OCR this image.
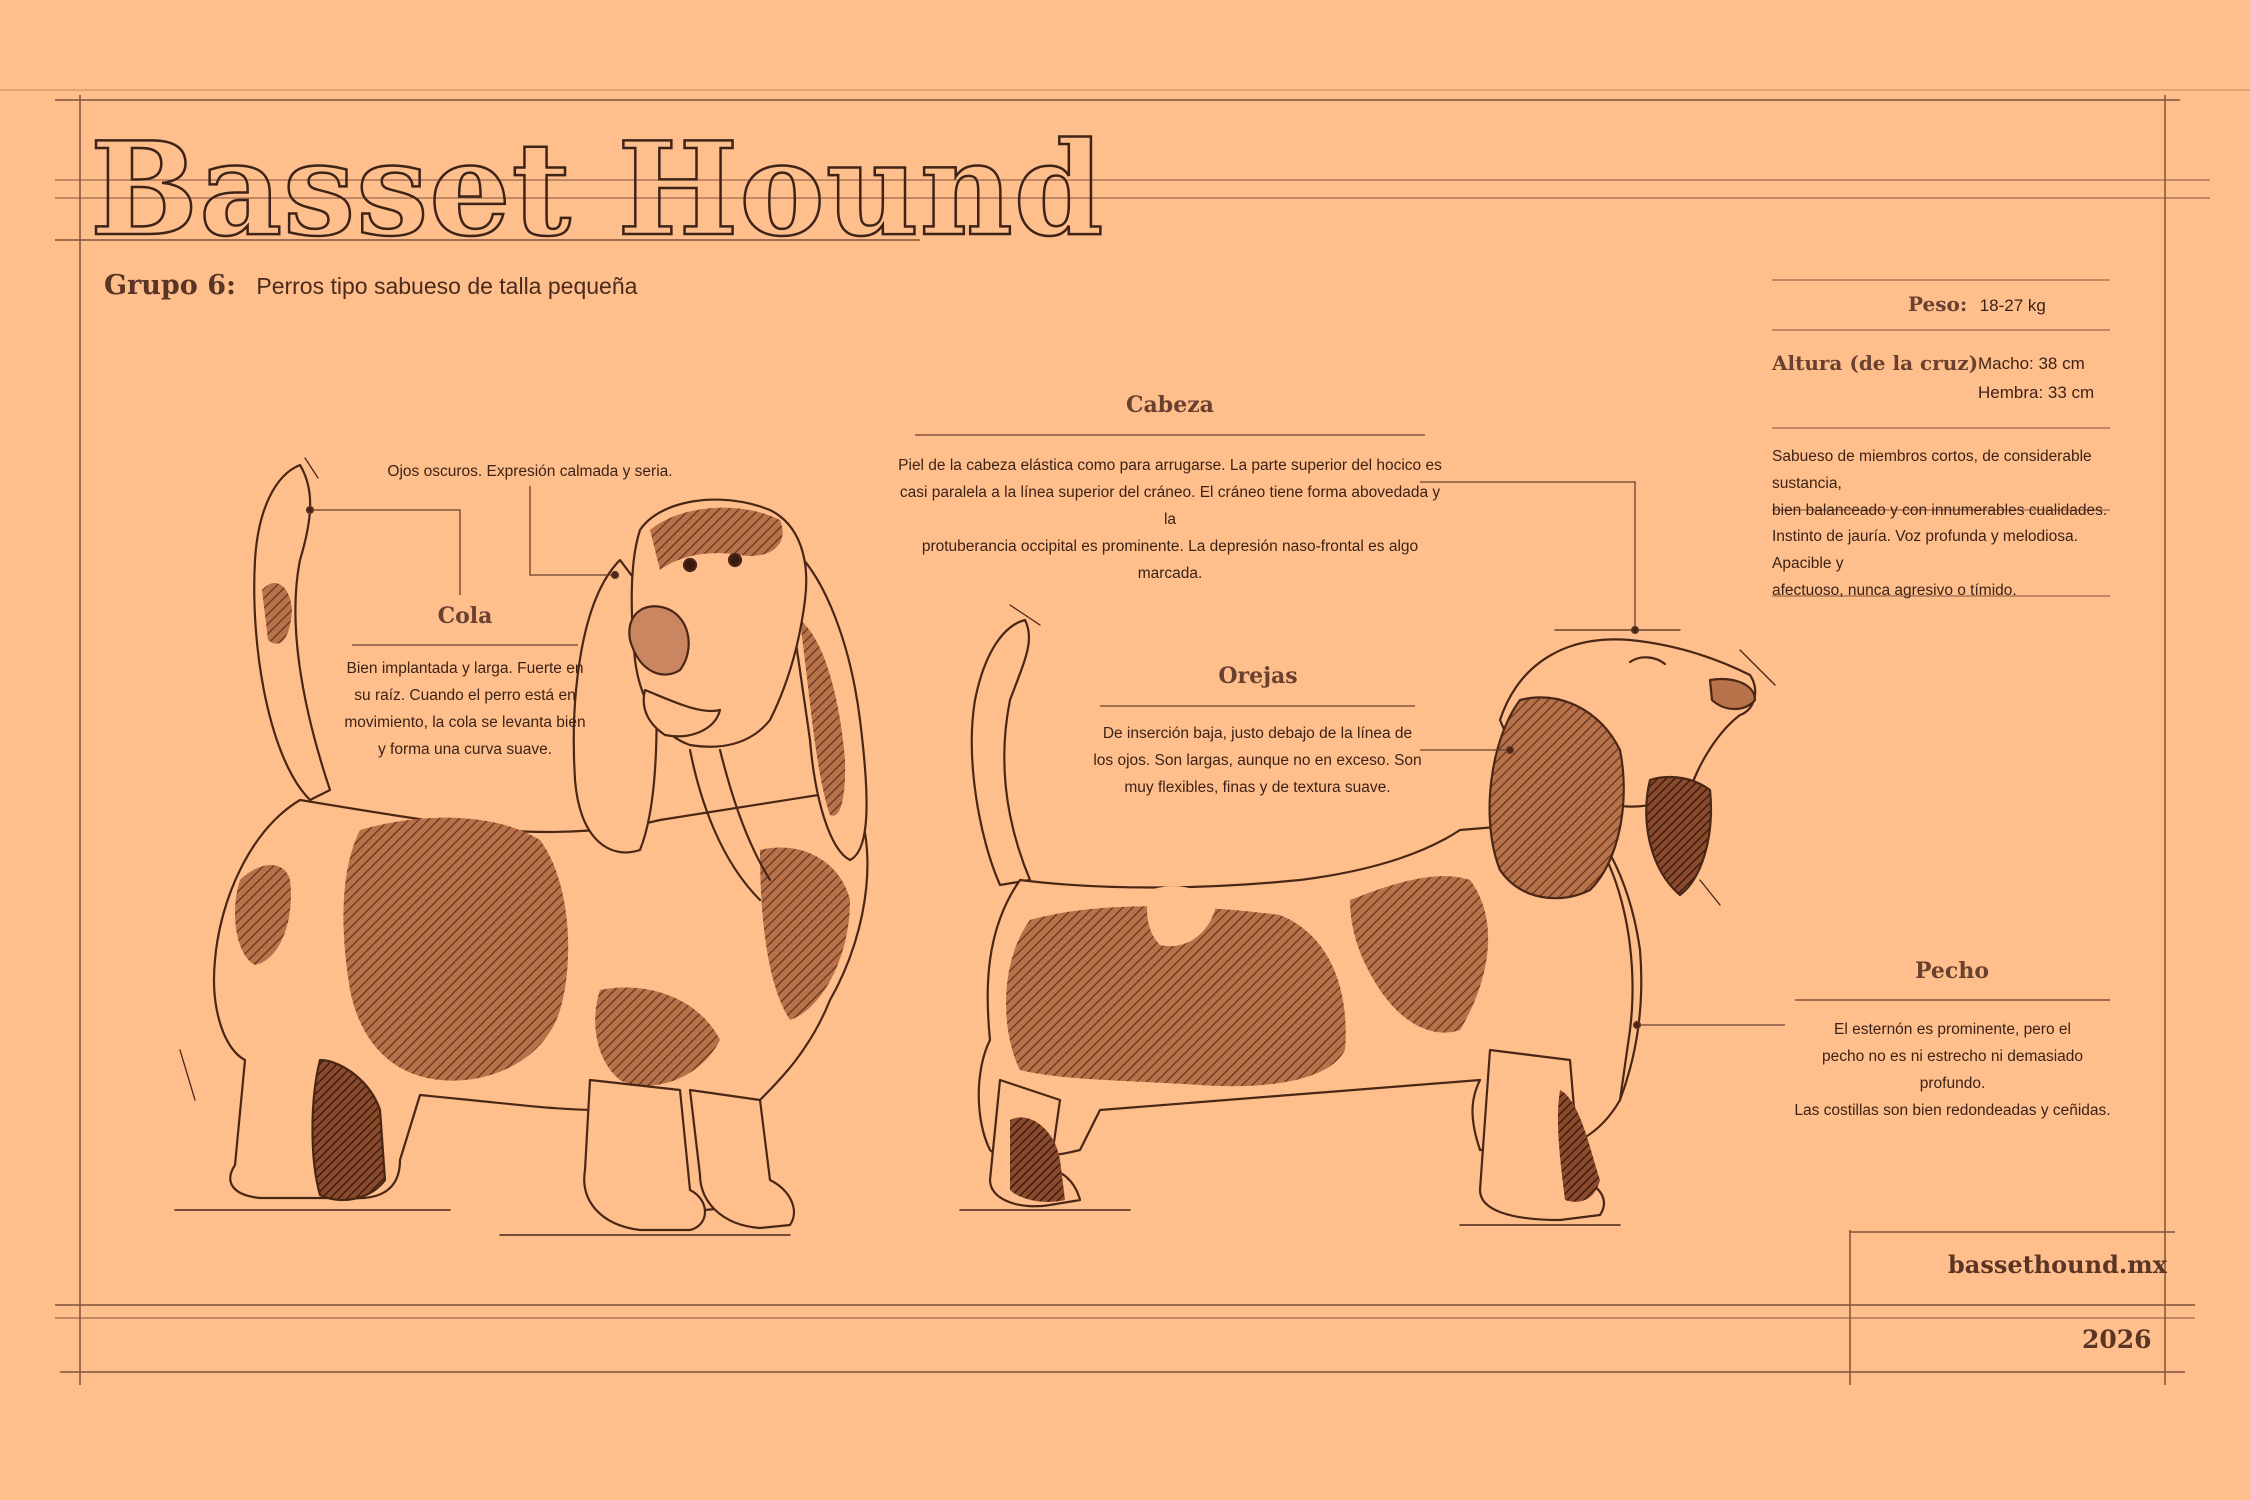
Basset Hound
Grupo 6: Perros tipo sabueso de talla pequeña
Ojos oscuros. Expresión calmada y seria.
Cola
Bien implantada y larga. Fuerte en
su raíz. Cuando el perro está en
movimiento, la cola se levanta bien
y forma una curva suave.
Cabeza
Piel de la cabeza elástica como para arrugarse. La parte superior del hocico es
casi paralela a la línea superior del cráneo. El cráneo tiene forma abovedada y la
protuberancia occipital es prominente. La depresión naso-frontal es algo marcada.
Orejas
De inserción baja, justo debajo de la línea de
los ojos. Son largas, aunque no en exceso. Son
muy flexibles, finas y de textura suave.
Pecho
El esternón es prominente, pero el
pecho no es ni estrecho ni demasiado profundo.
Las costillas son bien redondeadas y ceñidas.
Peso: 18-27 kg
Altura (de la cruz) Macho: 38 cm
Hembra: 33 cm
Sabueso de miembros cortos, de considerable sustancia,
bien balanceado y con innumerables cualidades.
Instinto de jauría. Voz profunda y melodiosa. Apacible y
afectuoso, nunca agresivo o tímido.
bassethound.mx
2026
